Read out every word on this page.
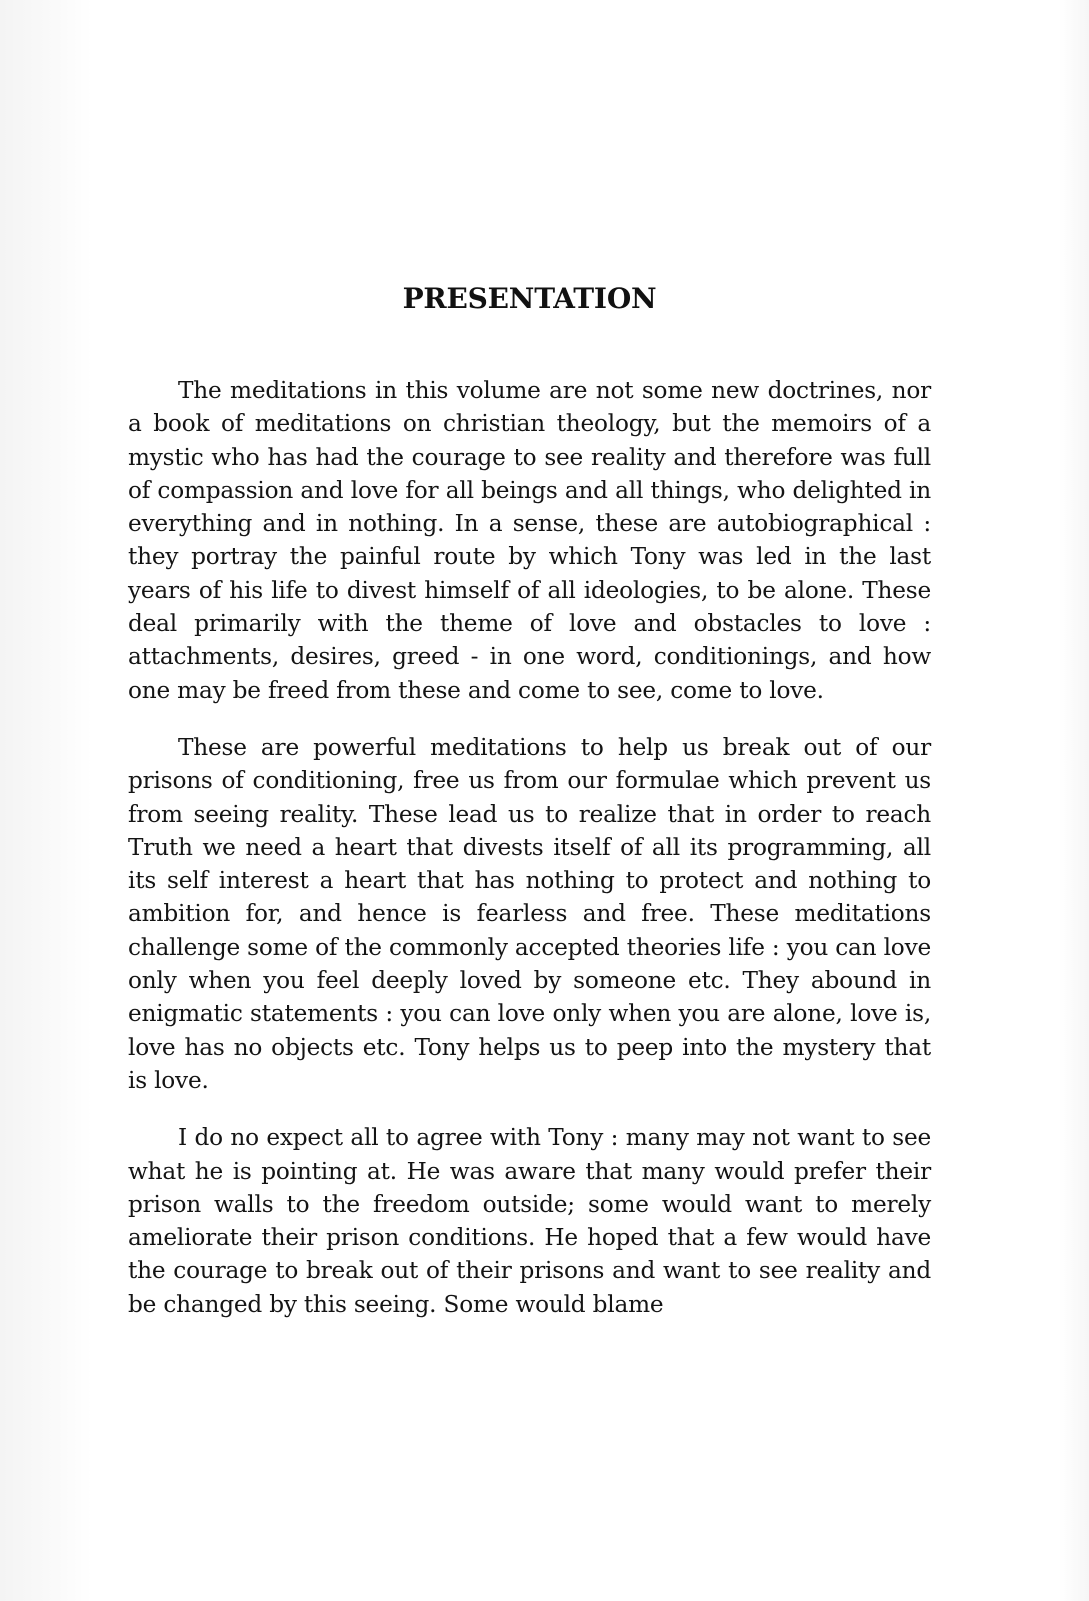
PRESENTATION

The meditations in this volume are not some new doctrines, nor a book of meditations on christian theology, but the memoirs of a mystic who has had the courage to see reality and therefore was full of compassion and love for all beings and all things, who delighted in everything and in nothing. In a sense, these are autobiographical : they portray the painful route by which Tony was led in the last years of his life to divest himself of all ideologies, to be alone. These deal primarily with the theme of love and obstacles to love : attachments, desires, greed - in one word, conditionings, and how one may be freed from these and come to see, come to love.

These are powerful meditations to help us break out of our prisons of conditioning, free us from our formulae which prevent us from seeing reality. These lead us to realize that in order to reach Truth we need a heart that divests itself of all its programming, all its self interest a heart that has nothing to protect and nothing to ambition for, and hence is fearless and free. These meditations challenge some of the commonly accepted theories life : you can love only when you feel deeply loved by someone etc. They abound in enigmatic statements : you can love only when you are alone, love is, love has no objects etc. Tony helps us to peep into the mystery that is love.

I do no expect all to agree with Tony : many may not want to see what he is pointing at. He was aware that many would prefer their prison walls to the freedom outside; some would want to merely ameliorate their prison conditions. He hoped that a few would have the courage to break out of their prisons and want to see reality and be changed by this seeing. Some would blame
